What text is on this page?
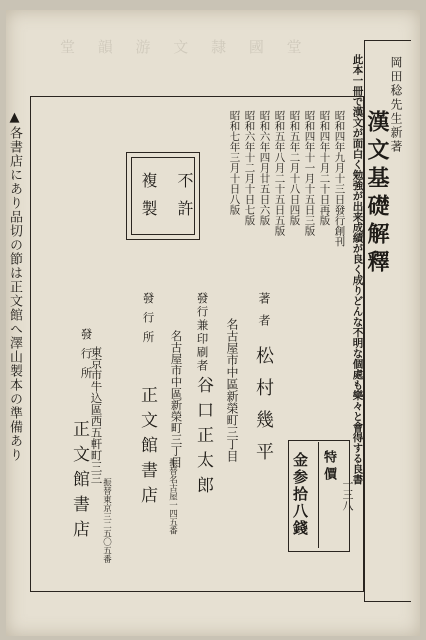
堂 韻 游 文 隷 國 堂
岡田稔先生新著
漢文基礎解釋
此本一冊で漢文が面白く勉強が出来成績が良く成りどんな不明な個處も樂々と會得する良書
一三八
昭和四年九月十三日發行創刊
昭和四年十月二十日再版
昭和四年十一月十五日三版
昭和五年二月十八日四版
昭和五年八月二十五日五版
昭和六年四月廿五日六版
昭和六年十二月十日七版
昭和七年三月十日八版
不許
複製
著者
名古屋市中區新榮町三丁目 松村幾平
發行兼印刷者
名古屋市中區新榮町三丁目 谷口正太郎
發行所
正文館書店 振替名古屋一四五番
發行所
東京市牛込區西五軒町三三
正文館書店 振替東京三二五〇五番
特價
金参拾八錢
▲各書店にあり品切の節は正文館へ澤山製本の準備あり
